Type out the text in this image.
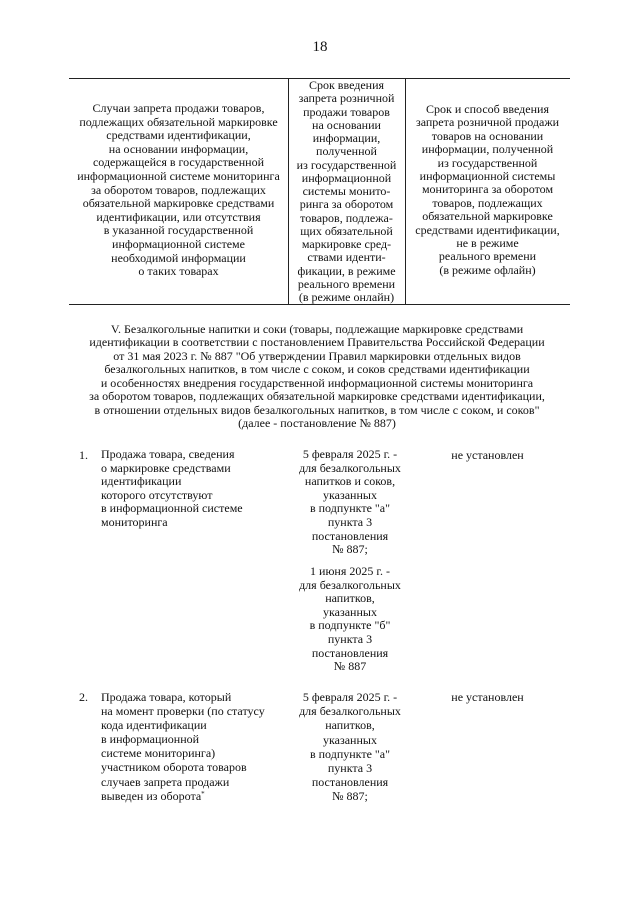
18
Случаи запрета продажи товаров,
подлежащих обязательной маркировке
средствами идентификации,
на основании информации,
содержащейся в государственной
информационной системе мониторинга
за оборотом товаров, подлежащих
обязательной маркировке средствами
идентификации, или отсутствия
в указанной государственной
информационной системе
необходимой информации
о таких товарах
Срок введения
запрета розничной
продажи товаров
на основании
информации,
полученной
из государственной
информационной
системы монито-
ринга за оборотом
товаров, подлежа-
щих обязательной
маркировке сред-
ствами иденти-
фикации, в режиме
реального времени
(в режиме онлайн)
Срок и способ введения
запрета розничной продажи
товаров на основании
информации, полученной
из государственной
информационной системы
мониторинга за оборотом
товаров, подлежащих
обязательной маркировке
средствами идентификации,
не в режиме
реального времени
(в режиме офлайн)
V. Безалкогольные напитки и соки (товары, подлежащие маркировке средствами
идентификации в соответствии с постановлением Правительства Российской Федерации
от 31 мая 2023 г. № 887 "Об утверждении Правил маркировки отдельных видов
безалкогольных напитков, в том числе с соком, и соков средствами идентификации
и особенностях внедрения государственной информационной системы мониторинга
за оборотом товаров, подлежащих обязательной маркировке средствами идентификации,
в отношении отдельных видов безалкогольных напитков, в том числе с соком, и соков"
(далее - постановление № 887)
1. Продажа товара, сведения
о маркировке средствами
идентификации
которого отсутствуют
в информационной системе
мониторинга
5 февраля 2025 г. -
для безалкогольных
напитков и соков,
указанных
в подпункте "а"
пункта 3
постановления
№ 887;
1 июня 2025 г. -
для безалкогольных
напитков,
указанных
в подпункте "б"
пункта 3
постановления
№ 887
не установлен
2. Продажа товара, который
на момент проверки (по статусу
кода идентификации
в информационной
системе мониторинга)
участником оборота товаров
случаев запрета продажи
выведен из оборота*
5 февраля 2025 г. -
для безалкогольных
напитков,
указанных
в подпункте "а"
пункта 3
постановления
№ 887;
не установлен
